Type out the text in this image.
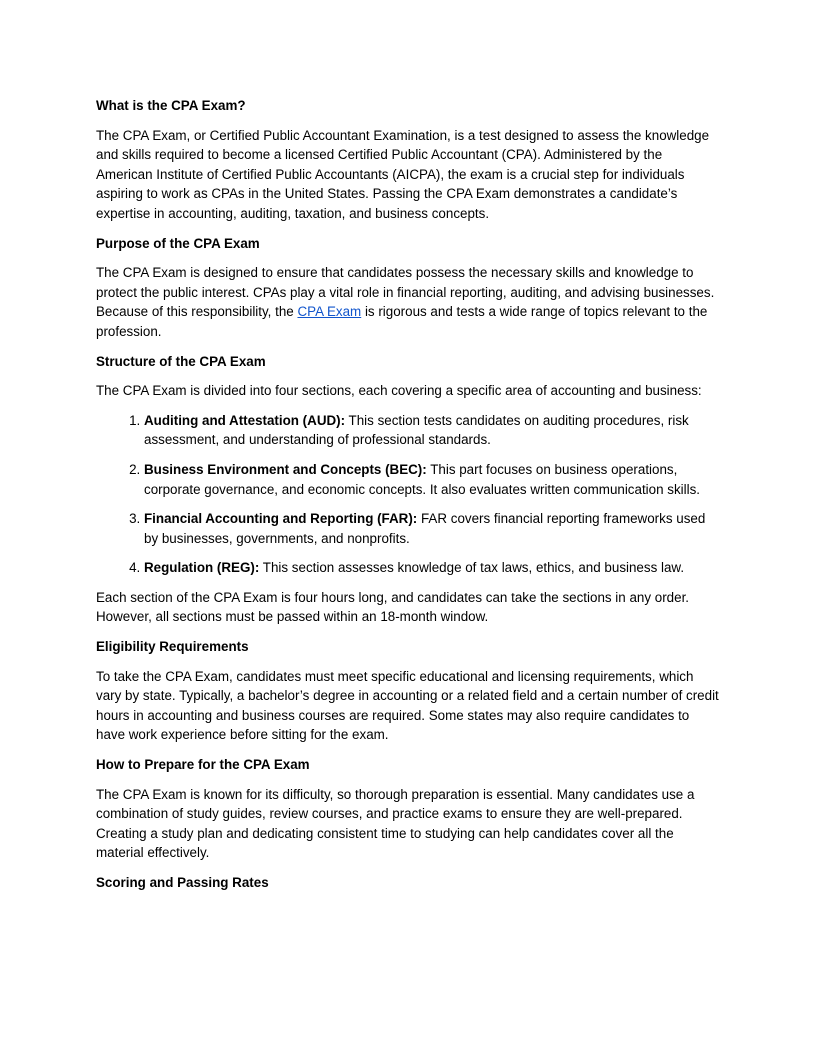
What is the CPA Exam?

The CPA Exam, or Certified Public Accountant Examination, is a test designed to assess the knowledge and skills required to become a licensed Certified Public Accountant (CPA). Administered by the American Institute of Certified Public Accountants (AICPA), the exam is a crucial step for individuals aspiring to work as CPAs in the United States. Passing the CPA Exam demonstrates a candidate’s expertise in accounting, auditing, taxation, and business concepts.

Purpose of the CPA Exam

The CPA Exam is designed to ensure that candidates possess the necessary skills and knowledge to protect the public interest. CPAs play a vital role in financial reporting, auditing, and advising businesses. Because of this responsibility, the CPA Exam is rigorous and tests a wide range of topics relevant to the profession.

Structure of the CPA Exam

The CPA Exam is divided into four sections, each covering a specific area of accounting and business:

1. Auditing and Attestation (AUD): This section tests candidates on auditing procedures, risk assessment, and understanding of professional standards.
2. Business Environment and Concepts (BEC): This part focuses on business operations, corporate governance, and economic concepts. It also evaluates written communication skills.
3. Financial Accounting and Reporting (FAR): FAR covers financial reporting frameworks used by businesses, governments, and nonprofits.
4. Regulation (REG): This section assesses knowledge of tax laws, ethics, and business law.

Each section of the CPA Exam is four hours long, and candidates can take the sections in any order. However, all sections must be passed within an 18-month window.

Eligibility Requirements

To take the CPA Exam, candidates must meet specific educational and licensing requirements, which vary by state. Typically, a bachelor’s degree in accounting or a related field and a certain number of credit hours in accounting and business courses are required. Some states may also require candidates to have work experience before sitting for the exam.

How to Prepare for the CPA Exam

The CPA Exam is known for its difficulty, so thorough preparation is essential. Many candidates use a combination of study guides, review courses, and practice exams to ensure they are well-prepared. Creating a study plan and dedicating consistent time to studying can help candidates cover all the material effectively.

Scoring and Passing Rates
